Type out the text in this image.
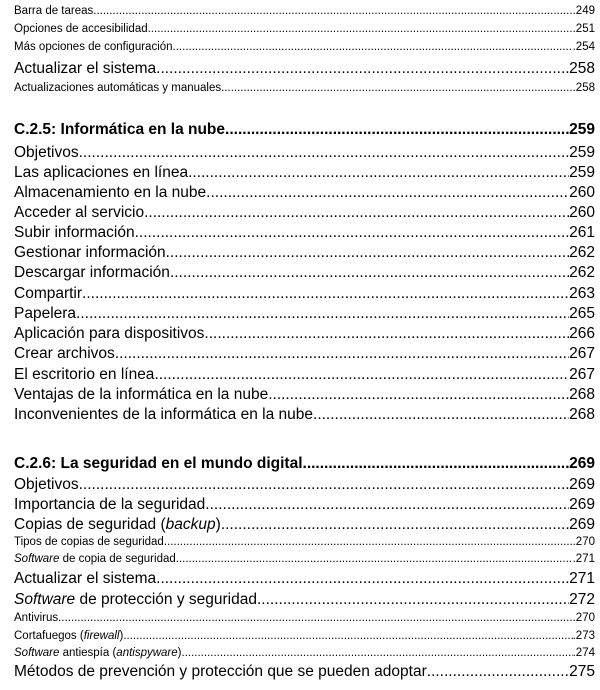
Barra de tareas .....	.249
Opciones de accesibilidad .....	.251
Más opciones de configuración .....	.254
Actualizar el sistema .....	258
Actualizaciones automáticas y manuales .....	.258
C.2.5: Informática en la nube .....	259
Objetivos .....	259
Las aplicaciones en línea .....	259
Almacenamiento en la nube .....	260
Acceder al servicio .....	260
Subir información .....	261
Gestionar información .....	262
Descargar información .....	262
Compartir .....	263
Papelera .....	265
Aplicación para dispositivos .....	266
Crear archivos .....	267
El escritorio en línea .....	267
Ventajas de la informática en la nube .....	268
Inconvenientes de la informática en la nube .....	268
C.2.6: La seguridad en el mundo digital .....	269
Objetivos .....	269
Importancia de la seguridad .....	269
Copias de seguridad (backup) .....	269
Tipos de copias de seguridad .....	.270
Software de copia de seguridad .....	.271
Actualizar el sistema .....	271
Software de protección y seguridad .....	272
Antivirus .....	.270
Cortafuegos (firewall) .....	.273
Software antiespía (antispyware) .....	.274
Métodos de prevención y protección que se pueden adoptar .....	275
